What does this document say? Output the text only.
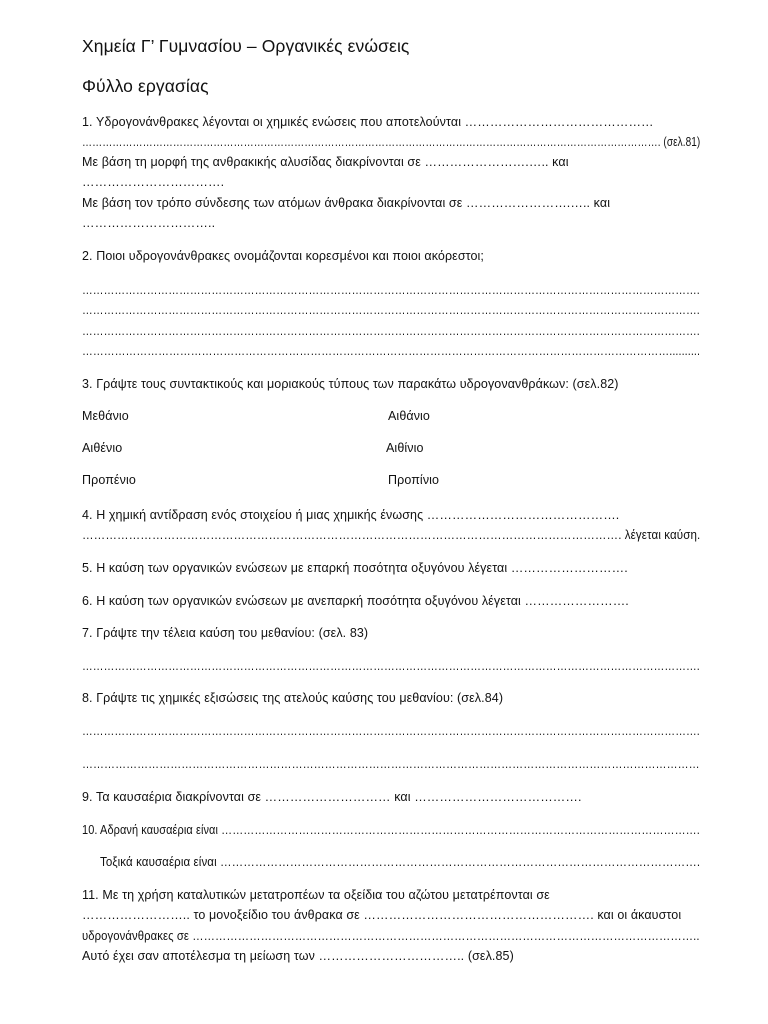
Χημεία Γ’ Γυμνασίου – Οργανικές ενώσεις
Φύλλο εργασίας
1. Υδρογονάνθρακες λέγονται οι χημικές ενώσεις που αποτελούνται ………………………………………
………………………………………………………………………………………………………………………………………………………. (σελ.81)
Με βάση τη μορφή της ανθρακικής αλυσίδας διακρίνονται σε …………………….….. και
…………………………….
Με βάση τον τρόπο σύνδεσης των ατόμων άνθρακα διακρίνονται σε …………………….….. και
…………………………..
2. Ποιοι υδρογονάνθρακες ονομάζονται κορεσμένοι και ποιοι ακόρεστοι;
……………………………………………………………………………………………………………………………………………………….
……………………………………………………………………………………………………………………………………………………….
……………………………………………………………………………………………………………………………………………………….
………………………………………………………………………………………………………………………………………………..........
3. Γράψτε τους συντακτικούς και μοριακούς τύπους των παρακάτω υδρογονανθράκων: (σελ.82)
Μεθάνιο	Αιθάνιο
Αιθένιο	Αιθίνιο
Προπένιο	Προπίνιο
4. Η χημική αντίδραση ενός στοιχείου ή μιας χημικής ένωσης ……………………………………….
…………………………………………………………………………………………………………………………. λέγεται καύση.
5. Η καύση των οργανικών ενώσεων με επαρκή ποσότητα οξυγόνου λέγεται ……………………….
6. Η καύση των οργανικών ενώσεων με ανεπαρκή ποσότητα οξυγόνου λέγεται …………………….
7. Γράψτε την τέλεια καύση του μεθανίου: (σελ. 83)
……………………………………………………………………………………………………………………………………………………….
8. Γράψτε τις χημικές εξισώσεις της ατελούς καύσης του μεθανίου: (σελ.84)
……………………………………………………………………………………………………………………………………………………….
……………………………………………………………………………………………………………………………………………………
9. Τα καυσαέρια διακρίνονται σε ………………………… και ………………………………….
10. Αδρανή καυσαέρια είναι ………………………………………………………………………………………………………………….
Τοξικά καυσαέρια είναι …………………………………………………………………………………………………………….
11. Με τη χρήση καταλυτικών μετατροπέων τα οξείδια του αζώτου μετατρέπονται σε
…………………….. το μονοξείδιο του άνθρακα σε ………………………………………………. και οι άκαυστοι
υδρογονάνθρακες σε ……………………………………………………………………………………………………………………..
Αυτό έχει σαν αποτέλεσμα τη μείωση των …………………………….. (σελ.85)
